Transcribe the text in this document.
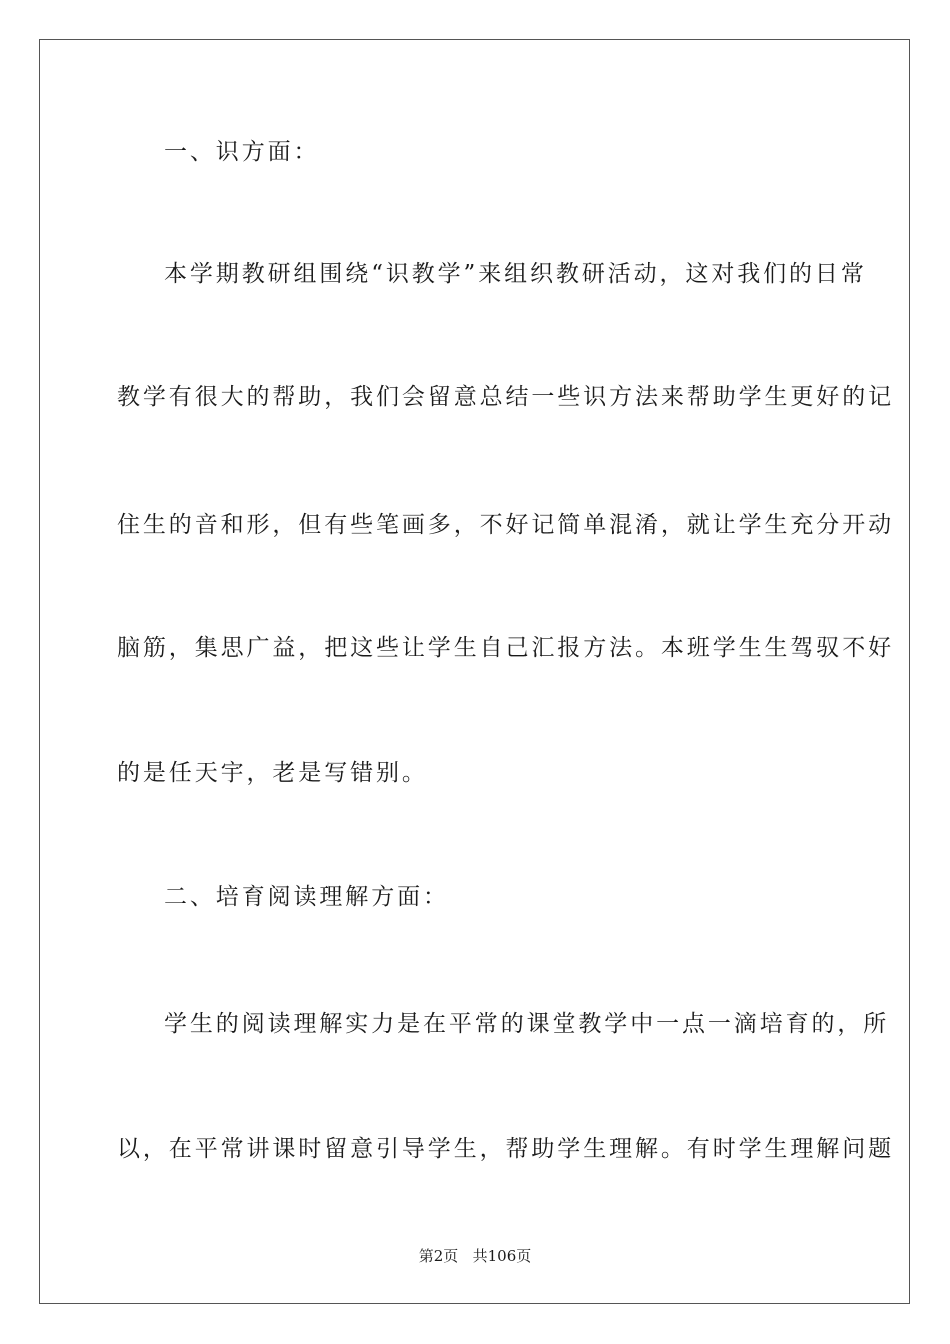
一、识方面：
本学期教研组围绕“识教学”来组织教研活动，这对我们的日常
教学有很大的帮助，我们会留意总结一些识方法来帮助学生更好的记
住生的音和形，但有些笔画多，不好记简单混淆，就让学生充分开动
脑筋，集思广益，把这些让学生自己汇报方法。本班学生生驾驭不好
的是任天宇，老是写错别。
二、培育阅读理解方面：
学生的阅读理解实力是在平常的课堂教学中一点一滴培育的，所
以，在平常讲课时留意引导学生，帮助学生理解。有时学生理解问题
第2页 共106页
